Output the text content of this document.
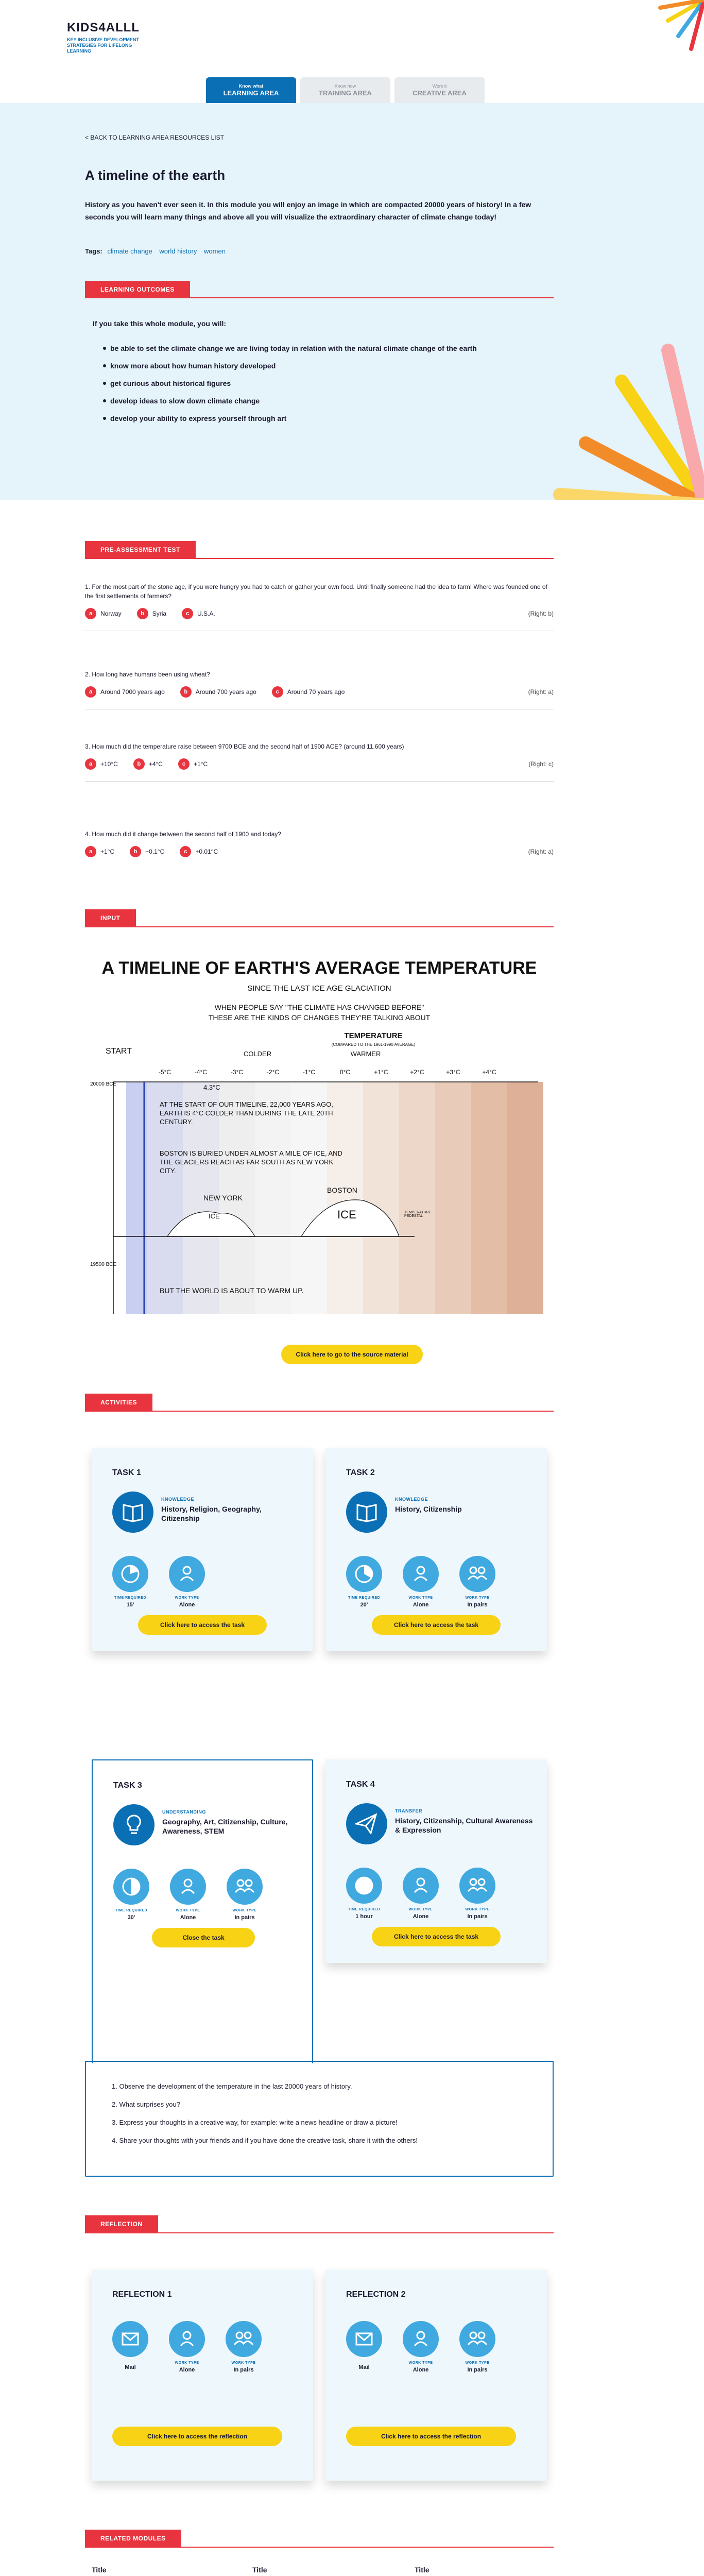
KIDS4ALLL
KEY INCLUSIVE DEVELOPMENT STRATEGIES FOR LIFELONG LEARNING
Know what
LEARNING AREA
Know how
TRAINING AREA
Work it
CREATIVE AREA
< BACK TO LEARNING AREA RESOURCES LIST
A timeline of the earth
History as you haven't ever seen it. In this module you will enjoy an image in which are compacted 20000 years of history! In a few seconds you will learn many things and above all you will visualize the extraordinary character of climate change today!
Tags: climate change world history women
LEARNING OUTCOMES
If you take this whole module, you will:
be able to set the climate change we are living today in relation with the natural climate change of the earth
know more about how human history developed
get curious about historical figures
develop ideas to slow down climate change
develop your ability to express yourself through art
PRE-ASSESSMENT TEST
1. For the most part of the stone age, if you were hungry you had to catch or gather your own food. Until finally someone had the idea to farm! Where was founded one of the first settlements of farmers?
a	Norway	b	Syria	c	U.S.A.	(Right: b)
2. How long have humans been using wheat?
a	Around 7000 years ago	b	Around 700 years ago	c	Around 70 years ago	(Right: a)
3. How much did the temperature raise between 9700 BCE and the second half of 1900 ACE? (around 11.600 years)
a	+10°C	b	+4°C	c	+1°C	(Right: c)
4. How much did it change between the second half of 1900 and today?
a	+1°C	b	+0.1°C	c	+0.01°C	(Right: a)
INPUT
A TIMELINE OF EARTH'S AVERAGE TEMPERATURE
SINCE THE LAST ICE AGE GLACIATION
WHEN PEOPLE SAY "THE CLIMATE HAS CHANGED BEFORE"
THESE ARE THE KINDS OF CHANGES THEY'RE TALKING ABOUT
TEMPERATURE
(COMPARED TO THE 1961-1990 AVERAGE)
COLDER	WARMER
START
-5°C	-4°C	-3°C	-2°C	-1°C	0°C	+1°C	+2°C	+3°C	+4°C
20000 BCE
19500 BCE
4.3°C
AT THE START OF OUR TIMELINE, 22,000 YEARS AGO, EARTH IS 4°C COLDER THAN DURING THE LATE 20TH CENTURY.
BOSTON IS BURIED UNDER ALMOST A MILE OF ICE, AND THE GLACIERS REACH AS FAR SOUTH AS NEW YORK CITY.
NEW YORK
BOSTON
ICE	ICE	TEMPERATURE PEDESTAL
BUT THE WORLD IS ABOUT TO WARM UP.
Click here to go to the source material
ACTIVITIES
TASK 1
KNOWLEDGE
History, Religion, Geography, Citizenship
TIME REQUIRED
15'
WORK TYPE
Alone
Click here to access the task
TASK 2
KNOWLEDGE
History, Citizenship
TIME REQUIRED
20'
WORK TYPE
Alone
WORK TYPE
In pairs
Click here to access the task
TASK 3
UNDERSTANDING
Geography, Art, Citizenship, Culture, Awareness, STEM
TIME REQUIRED
30'
WORK TYPE
Alone
WORK TYPE
In pairs
Close the task
TASK 4
TRANSFER
History, Citizenship, Cultural Awareness & Expression
TIME REQUIRED
1 hour
WORK TYPE
Alone
WORK TYPE
In pairs
Click here to access the task
1. Observe the development of the temperature in the last 20000 years of history.
2. What surprises you?
3. Express your thoughts in a creative way, for example: write a news headline or draw a picture!
4. Share your thoughts with your friends and if you have done the creative task, share it with the others!
REFLECTION
REFLECTION 1
Mail
WORK TYPE
Alone
WORK TYPE
In pairs
Click here to access the reflection
REFLECTION 2
Mail
WORK TYPE
Alone
WORK TYPE
In pairs
Click here to access the reflection
RELATED MODULES
Title	Title	Title
